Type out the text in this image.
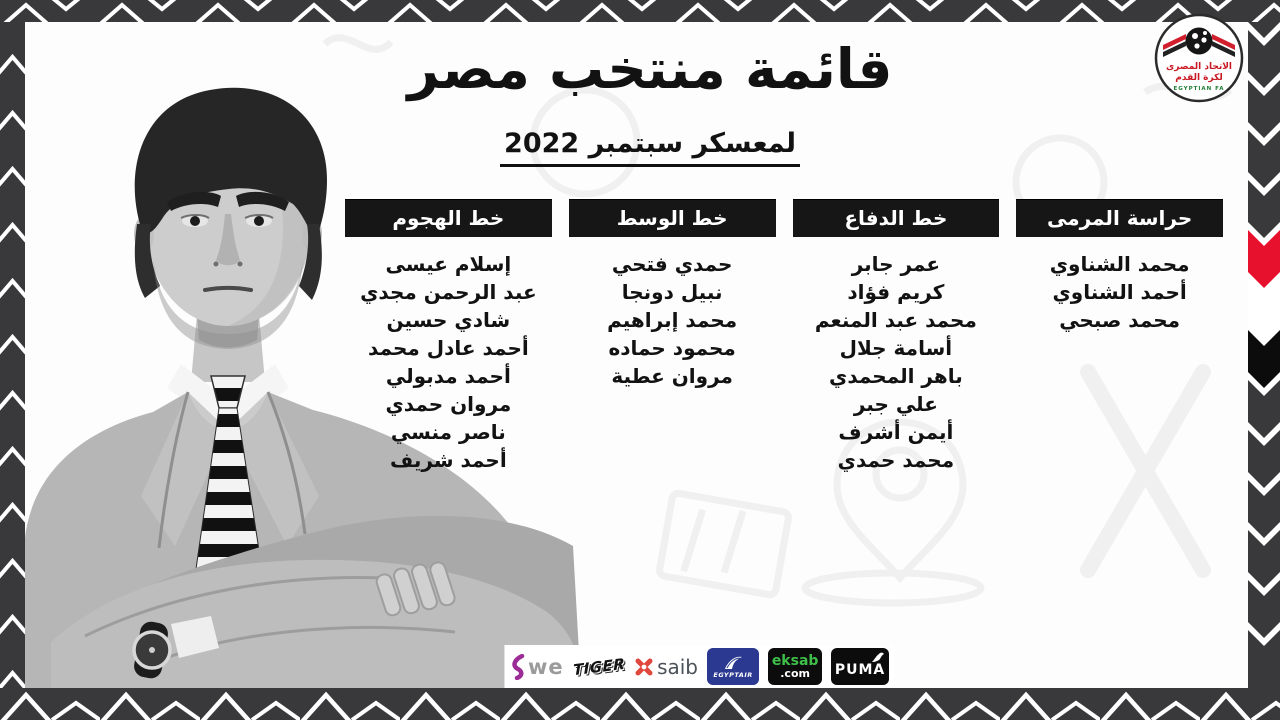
قائمة منتخب مصر

لمعسكر سبتمبر 2022
حراسة المرمى
محمد الشناوي
أحمد الشناوي
محمد صبحي
خط الدفاع
عمر جابر
كريم فؤاد
محمد عبد المنعم
أسامة جلال
باهر المحمدي
علي جبر
أيمن أشرف
محمد حمدي
خط الوسط
حمدي فتحي
نبيل دونجا
محمد إبراهيم
محمود حماده
مروان عطية
خط الهجوم
إسلام عيسى
عبد الرحمن مجدي
شادي حسين
أحمد عادل محمد
أحمد مدبولي
مروان حمدي
ناصر منسي
أحمد شريف
we TIGER saib EGYPTAIR
eksab
.com PUMA
الاتحاد المصرى
لكرة القدم
EGYPTIAN FA
